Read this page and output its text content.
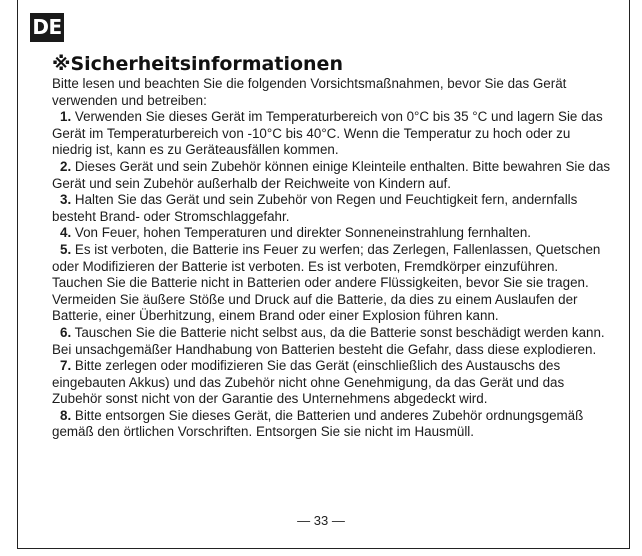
DE
※Sicherheitsinformationen
Bitte lesen und beachten Sie die folgenden Vorsichtsmaßnahmen, bevor Sie das Gerät verwenden und betreiben:
1. Verwenden Sie dieses Gerät im Temperaturbereich von 0°C bis 35 °C und lagern Sie das Gerät im Temperaturbereich von -10°C bis 40°C. Wenn die Temperatur zu hoch oder zu niedrig ist, kann es zu Geräteausfällen kommen.
2. Dieses Gerät und sein Zubehör können einige Kleinteile enthalten. Bitte bewahren Sie das Gerät und sein Zubehör außerhalb der Reichweite von Kindern auf.
3. Halten Sie das Gerät und sein Zubehör von Regen und Feuchtigkeit fern, andernfalls besteht Brand- oder Stromschlaggefahr.
4. Von Feuer, hohen Temperaturen und direkter Sonneneinstrahlung fernhalten.
5. Es ist verboten, die Batterie ins Feuer zu werfen; das Zerlegen, Fallenlassen, Quetschen oder Modifizieren der Batterie ist verboten. Es ist verboten, Fremdkörper einzuführen. Tauchen Sie die Batterie nicht in Batterien oder andere Flüssigkeiten, bevor Sie sie tragen. Vermeiden Sie äußere Stöße und Druck auf die Batterie, da dies zu einem Auslaufen der Batterie, einer Überhitzung, einem Brand oder einer Explosion führen kann.
6. Tauschen Sie die Batterie nicht selbst aus, da die Batterie sonst beschädigt werden kann. Bei unsachgemäßer Handhabung von Batterien besteht die Gefahr, dass diese explodieren.
7. Bitte zerlegen oder modifizieren Sie das Gerät (einschließlich des Austauschs des eingebauten Akkus) und das Zubehör nicht ohne Genehmigung, da das Gerät und das Zubehör sonst nicht von der Garantie des Unternehmens abgedeckt wird.
8. Bitte entsorgen Sie dieses Gerät, die Batterien und anderes Zubehör ordnungsgemäß gemäß den örtlichen Vorschriften. Entsorgen Sie sie nicht im Hausmüll.
— 33 —
